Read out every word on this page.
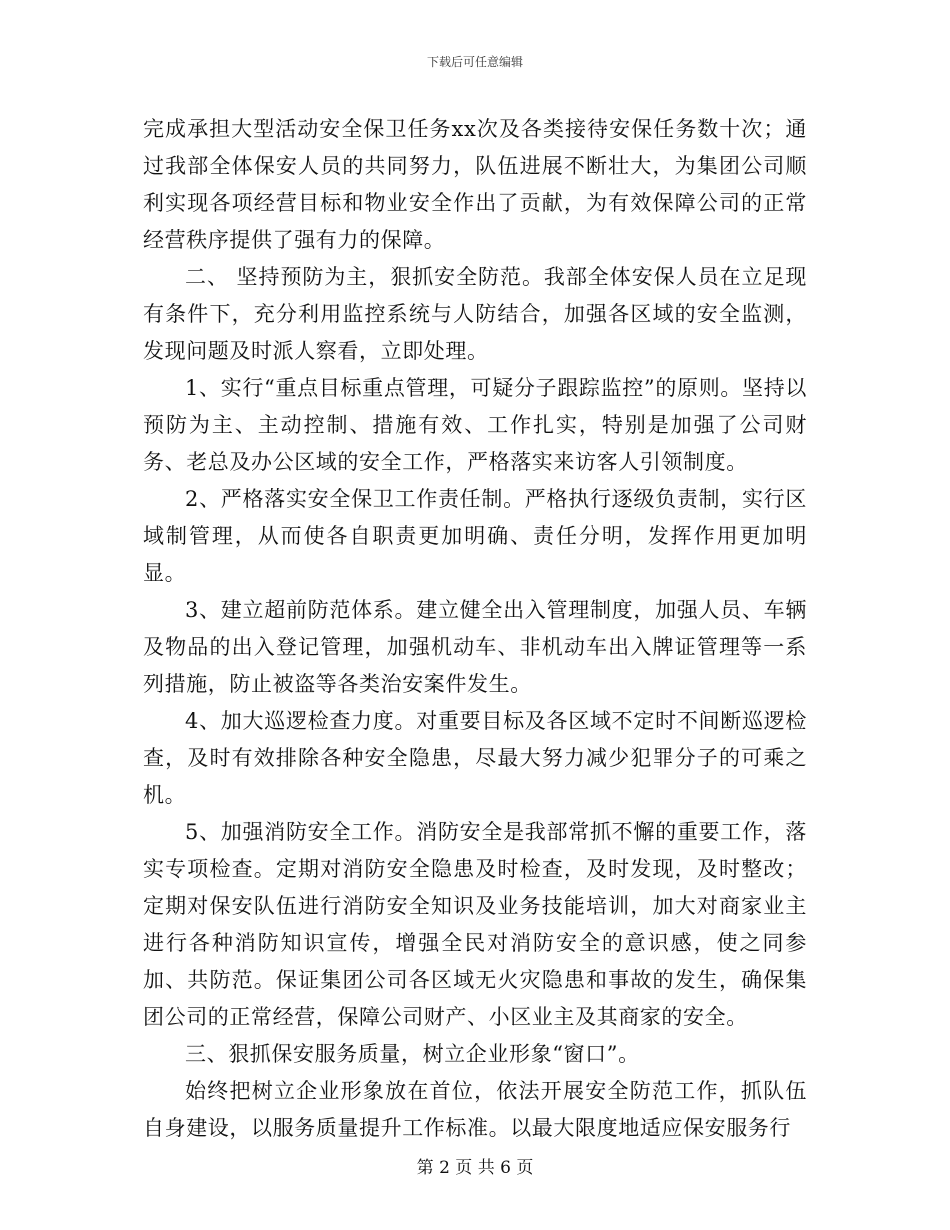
下载后可任意编辑

完成承担大型活动安全保卫任务xx次及各类接待安保任务数十次；通过我部全体保安人员的共同努力，队伍进展不断壮大，为集团公司顺利实现各项经营目标和物业安全作出了贡献，为有效保障公司的正常经营秩序提供了强有力的保障。

二、 坚持预防为主，狠抓安全防范。我部全体安保人员在立足现有条件下，充分利用监控系统与人防结合，加强各区域的安全监测，发现问题及时派人察看，立即处理。

1、实行“重点目标重点管理，可疑分子跟踪监控”的原则。坚持以预防为主、主动控制、措施有效、工作扎实，特别是加强了公司财务、老总及办公区域的安全工作，严格落实来访客人引领制度。

2、严格落实安全保卫工作责任制。严格执行逐级负责制，实行区域制管理，从而使各自职责更加明确、责任分明，发挥作用更加明显。

3、建立超前防范体系。建立健全出入管理制度，加强人员、车辆及物品的出入登记管理，加强机动车、非机动车出入牌证管理等一系列措施，防止被盗等各类治安案件发生。

4、加大巡逻检查力度。对重要目标及各区域不定时不间断巡逻检查，及时有效排除各种安全隐患，尽最大努力减少犯罪分子的可乘之机。

5、加强消防安全工作。消防安全是我部常抓不懈的重要工作，落实专项检查。定期对消防安全隐患及时检查，及时发现，及时整改；定期对保安队伍进行消防安全知识及业务技能培训，加大对商家业主进行各种消防知识宣传，增强全民对消防安全的意识感，使之同参加、共防范。保证集团公司各区域无火灾隐患和事故的发生，确保集团公司的正常经营，保障公司财产、小区业主及其商家的安全。

三、狠抓保安服务质量，树立企业形象“窗口”。

始终把树立企业形象放在首位，依法开展安全防范工作，抓队伍自身建设，以服务质量提升工作标准。以最大限度地适应保安服务行

第 2 页 共 6 页
